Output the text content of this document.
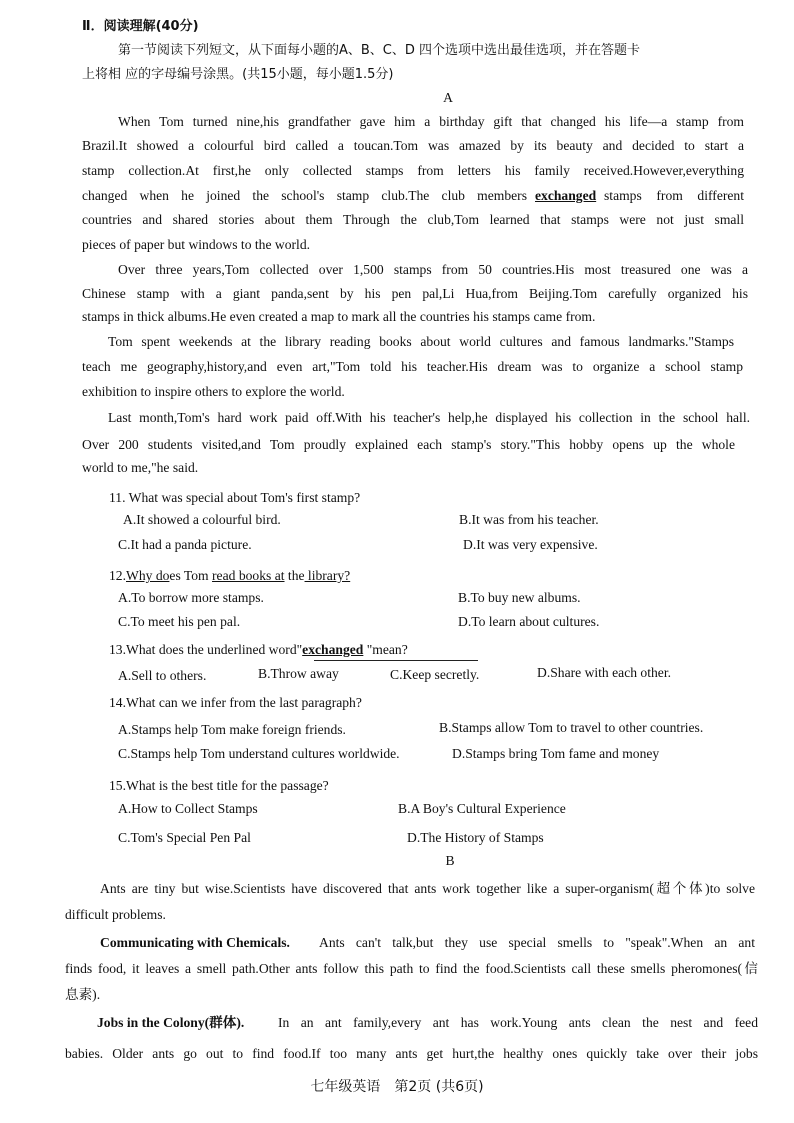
Ⅱ．阅读理解(40分)
第一节阅读下列短文，从下面每小题的A、B、C、D 四个选项中选出最佳选项，并在答题卡
上将相 应的字母编号涂黑。(共15小题，每小题1.5分)
A
When Tom turned nine,his grandfather gave him a birthday gift that changed his life—a stamp from
Brazil.It showed a colourful bird called a toucan.Tom was amazed by its beauty and decided to start a
stamp collection.At first,he only collected stamps from letters his family received.However,everything
changed when he joined the school's stamp club.The club members exchanged stamps from different
countries and shared stories about them Through the club,Tom learned that stamps were not just small
pieces of paper but windows to the world.
Over three years,Tom collected over 1,500 stamps from 50 countries.His most treasured one was a
Chinese stamp with a giant panda,sent by his pen pal,Li Hua,from Beijing.Tom carefully organized his
stamps in thick albums.He even created a map to mark all the countries his stamps came from.
Tom spent weekends at the library reading books about world cultures and famous landmarks."Stamps
teach me geography,history,and even art,"Tom told his teacher.His dream was to organize a school stamp
exhibition to inspire others to explore the world.
Last month,Tom's hard work paid off.With his teacher's help,he displayed his collection in the school hall.
Over 200 students visited,and Tom proudly explained each stamp's story."This hobby opens up the whole
world to me,"he said.
11. What was special about Tom's first stamp?
A.It showed a colourful bird.	B.It was from his teacher.
C.It had a panda picture.	D.It was very expensive.
12.Why does Tom read books at the library?
A.To borrow more stamps.	B.To buy new albums.
C.To meet his pen pal.	D.To learn about cultures.
13.What does the underlined word"exchanged "mean?
A.Sell to others.	B.Throw away	C.Keep secretly.	D.Share with each other.
14.What can we infer from the last paragraph?
A.Stamps help Tom make foreign friends.	B.Stamps allow Tom to travel to other countries.
C.Stamps help Tom understand cultures worldwide.	D.Stamps bring Tom fame and money
15.What is the best title for the passage?
A.How to Collect Stamps	B.A Boy's Cultural Experience
C.Tom's Special Pen Pal	D.The History of Stamps
B
Ants are tiny but wise.Scientists have discovered that ants work together like a super-organism(超个体)to solve
difficult problems.
Communicating with Chemicals. Ants can't talk,but they use special smells to "speak".When an ant
finds food, it leaves a smell path.Other ants follow this path to find the food.Scientists call these smells pheromones(信
息素).
Jobs in the Colony(群体). In an ant family,every ant has work.Young ants clean the nest and feed
babies. Older ants go out to find food.If too many ants get hurt,the healthy ones quickly take over their jobs
七年级英语　第2页 (共6页)
